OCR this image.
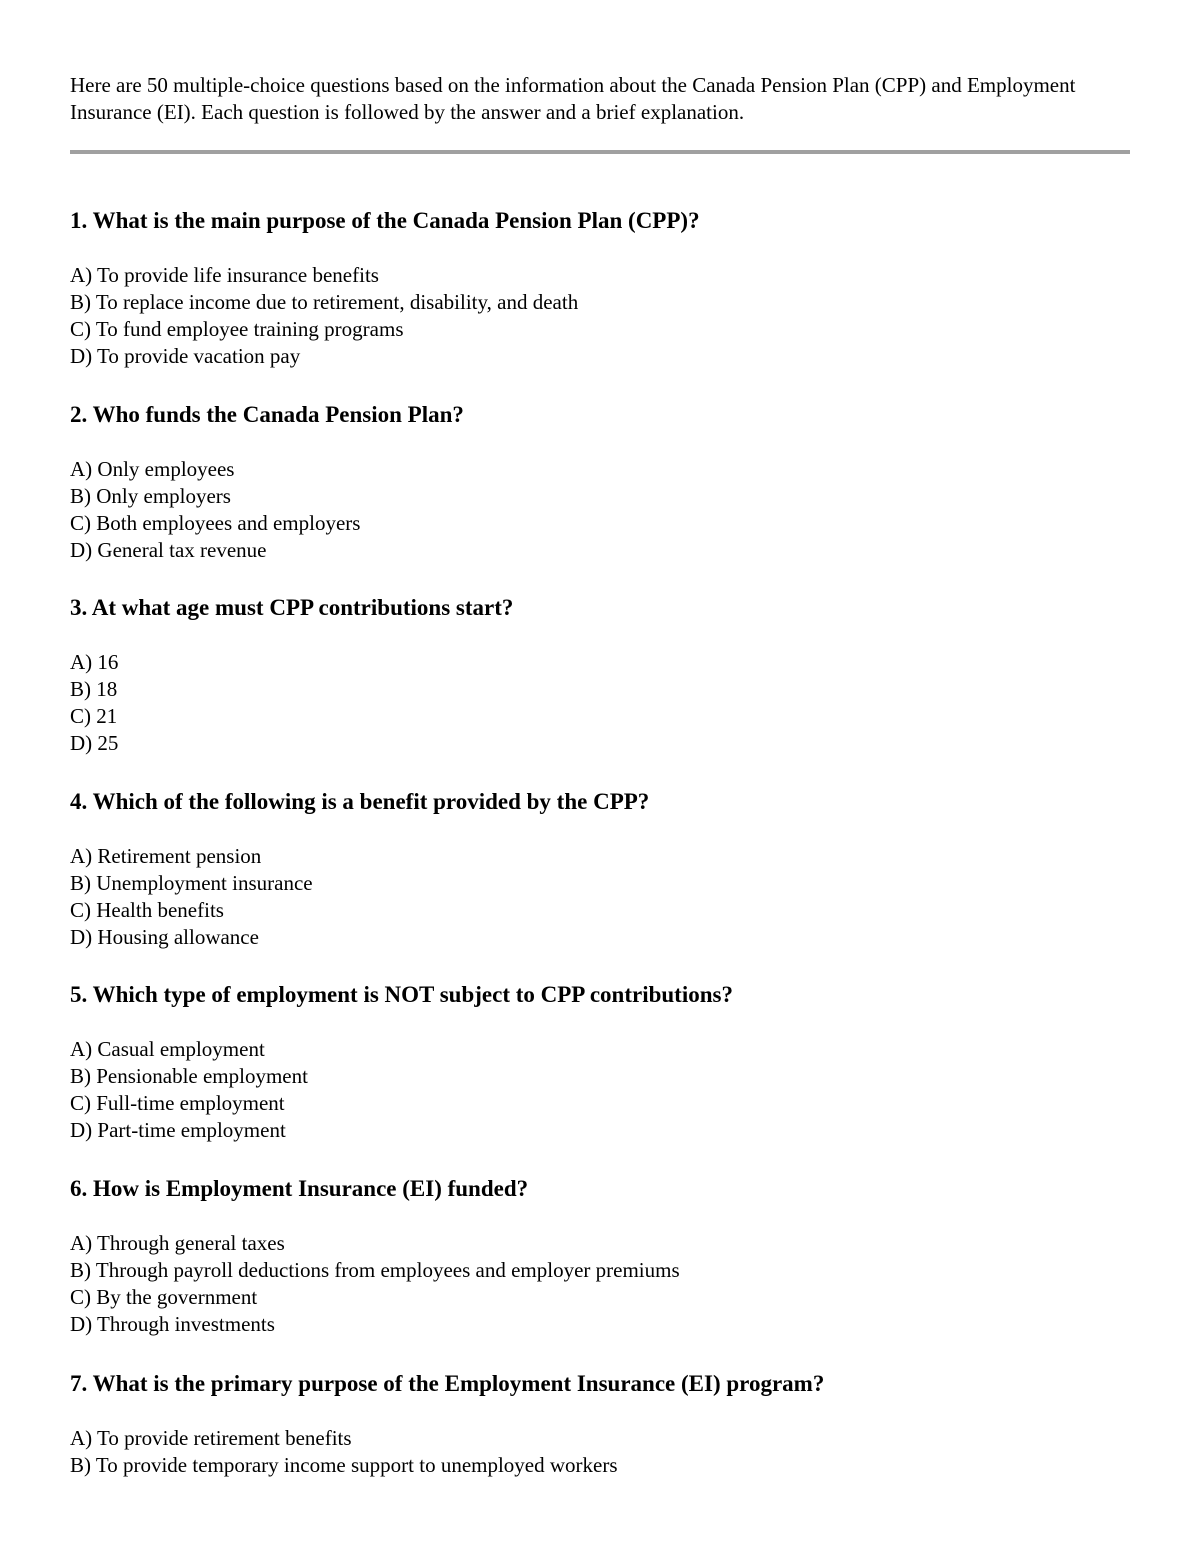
Here are 50 multiple-choice questions based on the information about the Canada Pension Plan (CPP) and Employment Insurance (EI). Each question is followed by the answer and a brief explanation.

1. What is the main purpose of the Canada Pension Plan (CPP)?

A) To provide life insurance benefits
B) To replace income due to retirement, disability, and death
C) To fund employee training programs
D) To provide vacation pay

2. Who funds the Canada Pension Plan?

A) Only employees
B) Only employers
C) Both employees and employers
D) General tax revenue

3. At what age must CPP contributions start?

A) 16
B) 18
C) 21
D) 25

4. Which of the following is a benefit provided by the CPP?

A) Retirement pension
B) Unemployment insurance
C) Health benefits
D) Housing allowance

5. Which type of employment is NOT subject to CPP contributions?

A) Casual employment
B) Pensionable employment
C) Full-time employment
D) Part-time employment

6. How is Employment Insurance (EI) funded?

A) Through general taxes
B) Through payroll deductions from employees and employer premiums
C) By the government
D) Through investments

7. What is the primary purpose of the Employment Insurance (EI) program?

A) To provide retirement benefits
B) To provide temporary income support to unemployed workers
